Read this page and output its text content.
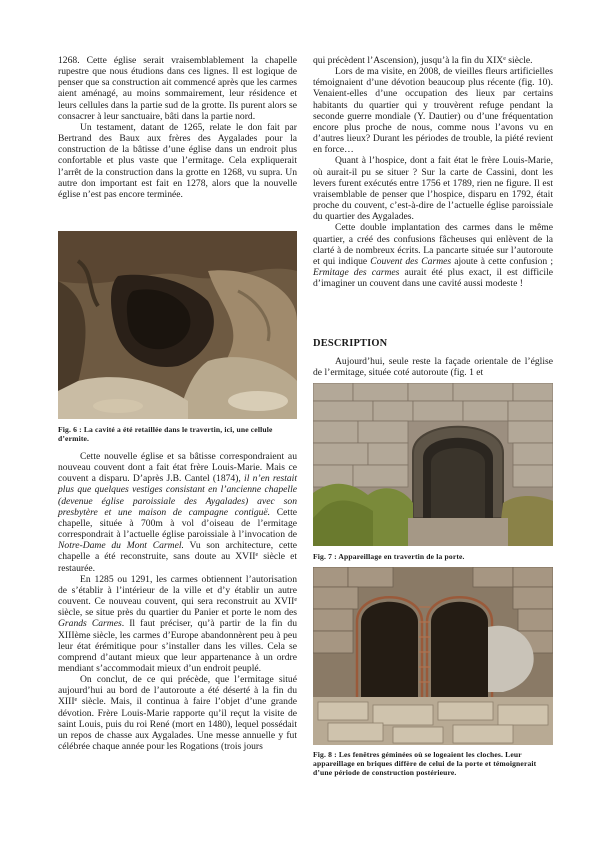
1268. Cette église serait vraisemblablement la chapelle rupestre que nous étudions dans ces lignes. Il est logique de penser que sa construction ait commencé après que les carmes aient aménagé, au moins sommairement, leur résidence et leurs cellules dans la partie sud de la grotte. Ils purent alors se consacrer à leur sanctuaire, bâti dans la partie nord.

Un testament, datant de 1265, relate le don fait par Bertrand des Baux aux frères des Aygalades pour la construction de la bâtisse d’une église dans un endroit plus confortable et plus vaste que l’ermitage. Cela expliquerait l’arrêt de la construction dans la grotte en 1268, vu supra. Un autre don important est fait en 1278, alors que la nouvelle église n’est pas encore terminée.

Fig. 6 : La cavité a été retaillée dans le travertin, ici, une cellule d’ermite.

Cette nouvelle église et sa bâtisse correspondraient au nouveau couvent dont a fait état frère Louis-Marie. Mais ce couvent a disparu. D’après J.B. Cantel (1874), il n’en restait plus que quelques vestiges consistant en l’ancienne chapelle (devenue église paroissiale des Aygalades) avec son presbytère et une maison de campagne contiguë. Cette chapelle, située à 700m à vol d’oiseau de l’ermitage correspondrait à l’actuelle église paroissiale à l’invocation de Notre-Dame du Mont Carmel. Vu son architecture, cette chapelle a été reconstruite, sans doute au XVIIe siècle et restaurée.

En 1285 ou 1291, les carmes obtiennent l’autorisation de s’établir à l’intérieur de la ville et d’y établir un autre couvent. Ce nouveau couvent, qui sera reconstruit au XVIIe siècle, se situe près du quartier du Panier et porte le nom des Grands Carmes. Il faut préciser, qu’à partir de la fin du XIIIème siècle, les carmes d’Europe abandonnèrent peu à peu leur état érémitique pour s’installer dans les villes. Cela se comprend d’autant mieux que leur appartenance à un ordre mendiant s’accommodait mieux d’un endroit peuplé.

On conclut, de ce qui précède, que l’ermitage situé aujourd’hui au bord de l’autoroute a été déserté à la fin du XIIIe siècle. Mais, il continua à faire l’objet d’une grande dévotion. Frère Louis-Marie rapporte qu’il reçut la visite de saint Louis, puis du roi René (mort en 1480), lequel possédait un repos de chasse aux Aygalades. Une messe annuelle y fut célébrée chaque année pour les Rogations (trois jours

qui précèdent l’Ascension), jusqu’à la fin du XIXe siècle.

Lors de ma visite, en 2008, de vieilles fleurs artificielles témoignaient d’une dévotion beaucoup plus récente (fig. 10). Venaient-elles d’une occupation des lieux par certains habitants du quartier qui y trouvèrent refuge pendant la seconde guerre mondiale (Y. Dautier) ou d’une fréquentation encore plus proche de nous, comme nous l’avons vu en d’autres lieux? Durant les périodes de trouble, la piété revient en force…

Quant à l’hospice, dont a fait état le frère Louis-Marie, où aurait-il pu se situer ? Sur la carte de Cassini, dont les levers furent exécutés entre 1756 et 1789, rien ne figure. Il est vraisemblable de penser que l’hospice, disparu en 1792, était proche du couvent, c’est-à-dire de l’actuelle église paroissiale du quartier des Aygalades.

Cette double implantation des carmes dans le même quartier, a créé des confusions fâcheuses qui enlèvent de la clarté à de nombreux écrits. La pancarte située sur l’autoroute et qui indique Couvent des Carmes ajoute à cette confusion ; Ermitage des carmes aurait été plus exact, il est difficile d’imaginer un couvent dans une cavité aussi modeste !

DESCRIPTION

Aujourd’hui, seule reste la façade orientale de l’église de l’ermitage, située coté autoroute (fig. 1 et

Fig. 7 : Appareillage en travertin de la porte.
Fig. 8 : Les fenêtres géminées où se logeaient les cloches. Leur appareillage en briques diffère de celui de la porte et témoignerait d’une période de construction postérieure.
